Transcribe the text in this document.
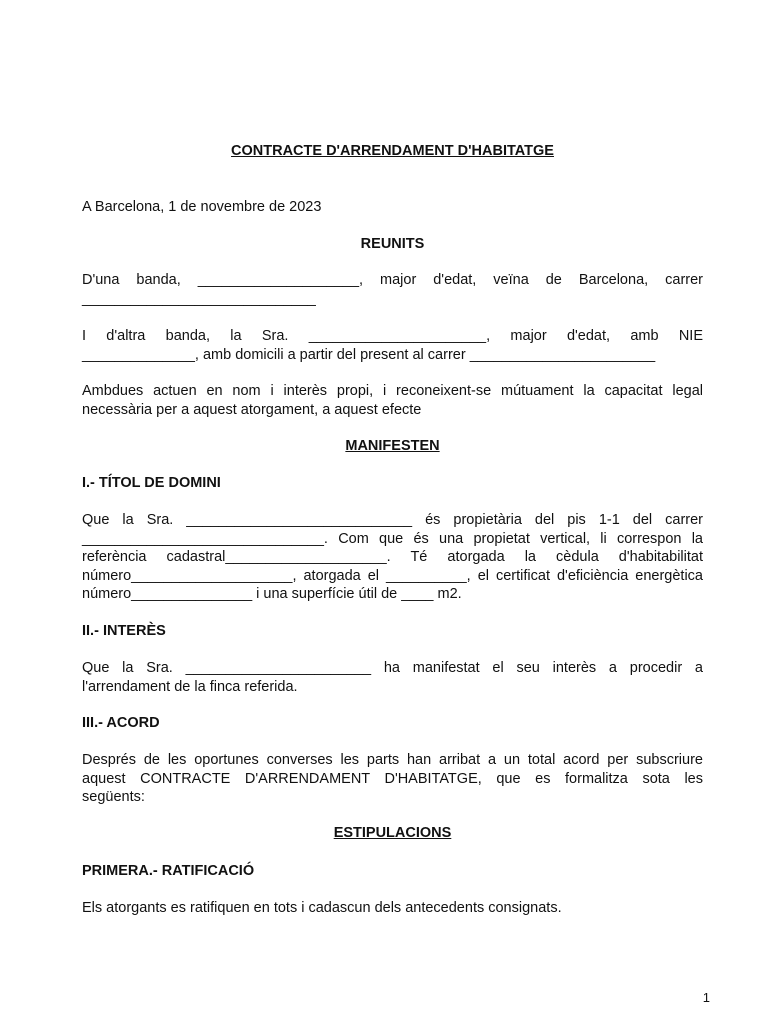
CONTRACTE D'ARRENDAMENT D'HABITATGE

A Barcelona, 1 de novembre de 2023

REUNITS

D'una banda, ____________________, major d'edat, veïna de Barcelona, carrer
_____________________________
I d'altra banda, la Sra. ______________________, major d'edat, amb NIE
______________, amb domicili a partir del present al carrer _______________________
Ambdues actuen en nom i interès propi, i reconeixent-se mútuament la capacitat legal
necessària per a aquest atorgament, a aquest efecte

MANIFESTEN

I.- TÍTOL DE DOMINI

Que la Sra. ____________________________ és propietària del pis 1-1 del carrer
______________________________. Com que és una propietat vertical, li correspon la
referència cadastral____________________. Té atorgada la cèdula d'habitabilitat
número____________________, atorgada el __________, el certificat d'eficiència energètica
número_______________ i una superfície útil de ____ m2.

II.- INTERÈS

Que la Sra. _______________________ ha manifestat el seu interès a procedir a
l'arrendament de la finca referida.

III.- ACORD

Després de les oportunes converses les parts han arribat a un total acord per subscriure
aquest CONTRACTE D'ARRENDAMENT D'HABITATGE, que es formalitza sota les
següents:

ESTIPULACIONS

PRIMERA.- RATIFICACIÓ

Els atorgants es ratifiquen en tots i cadascun dels antecedents consignats.

1
